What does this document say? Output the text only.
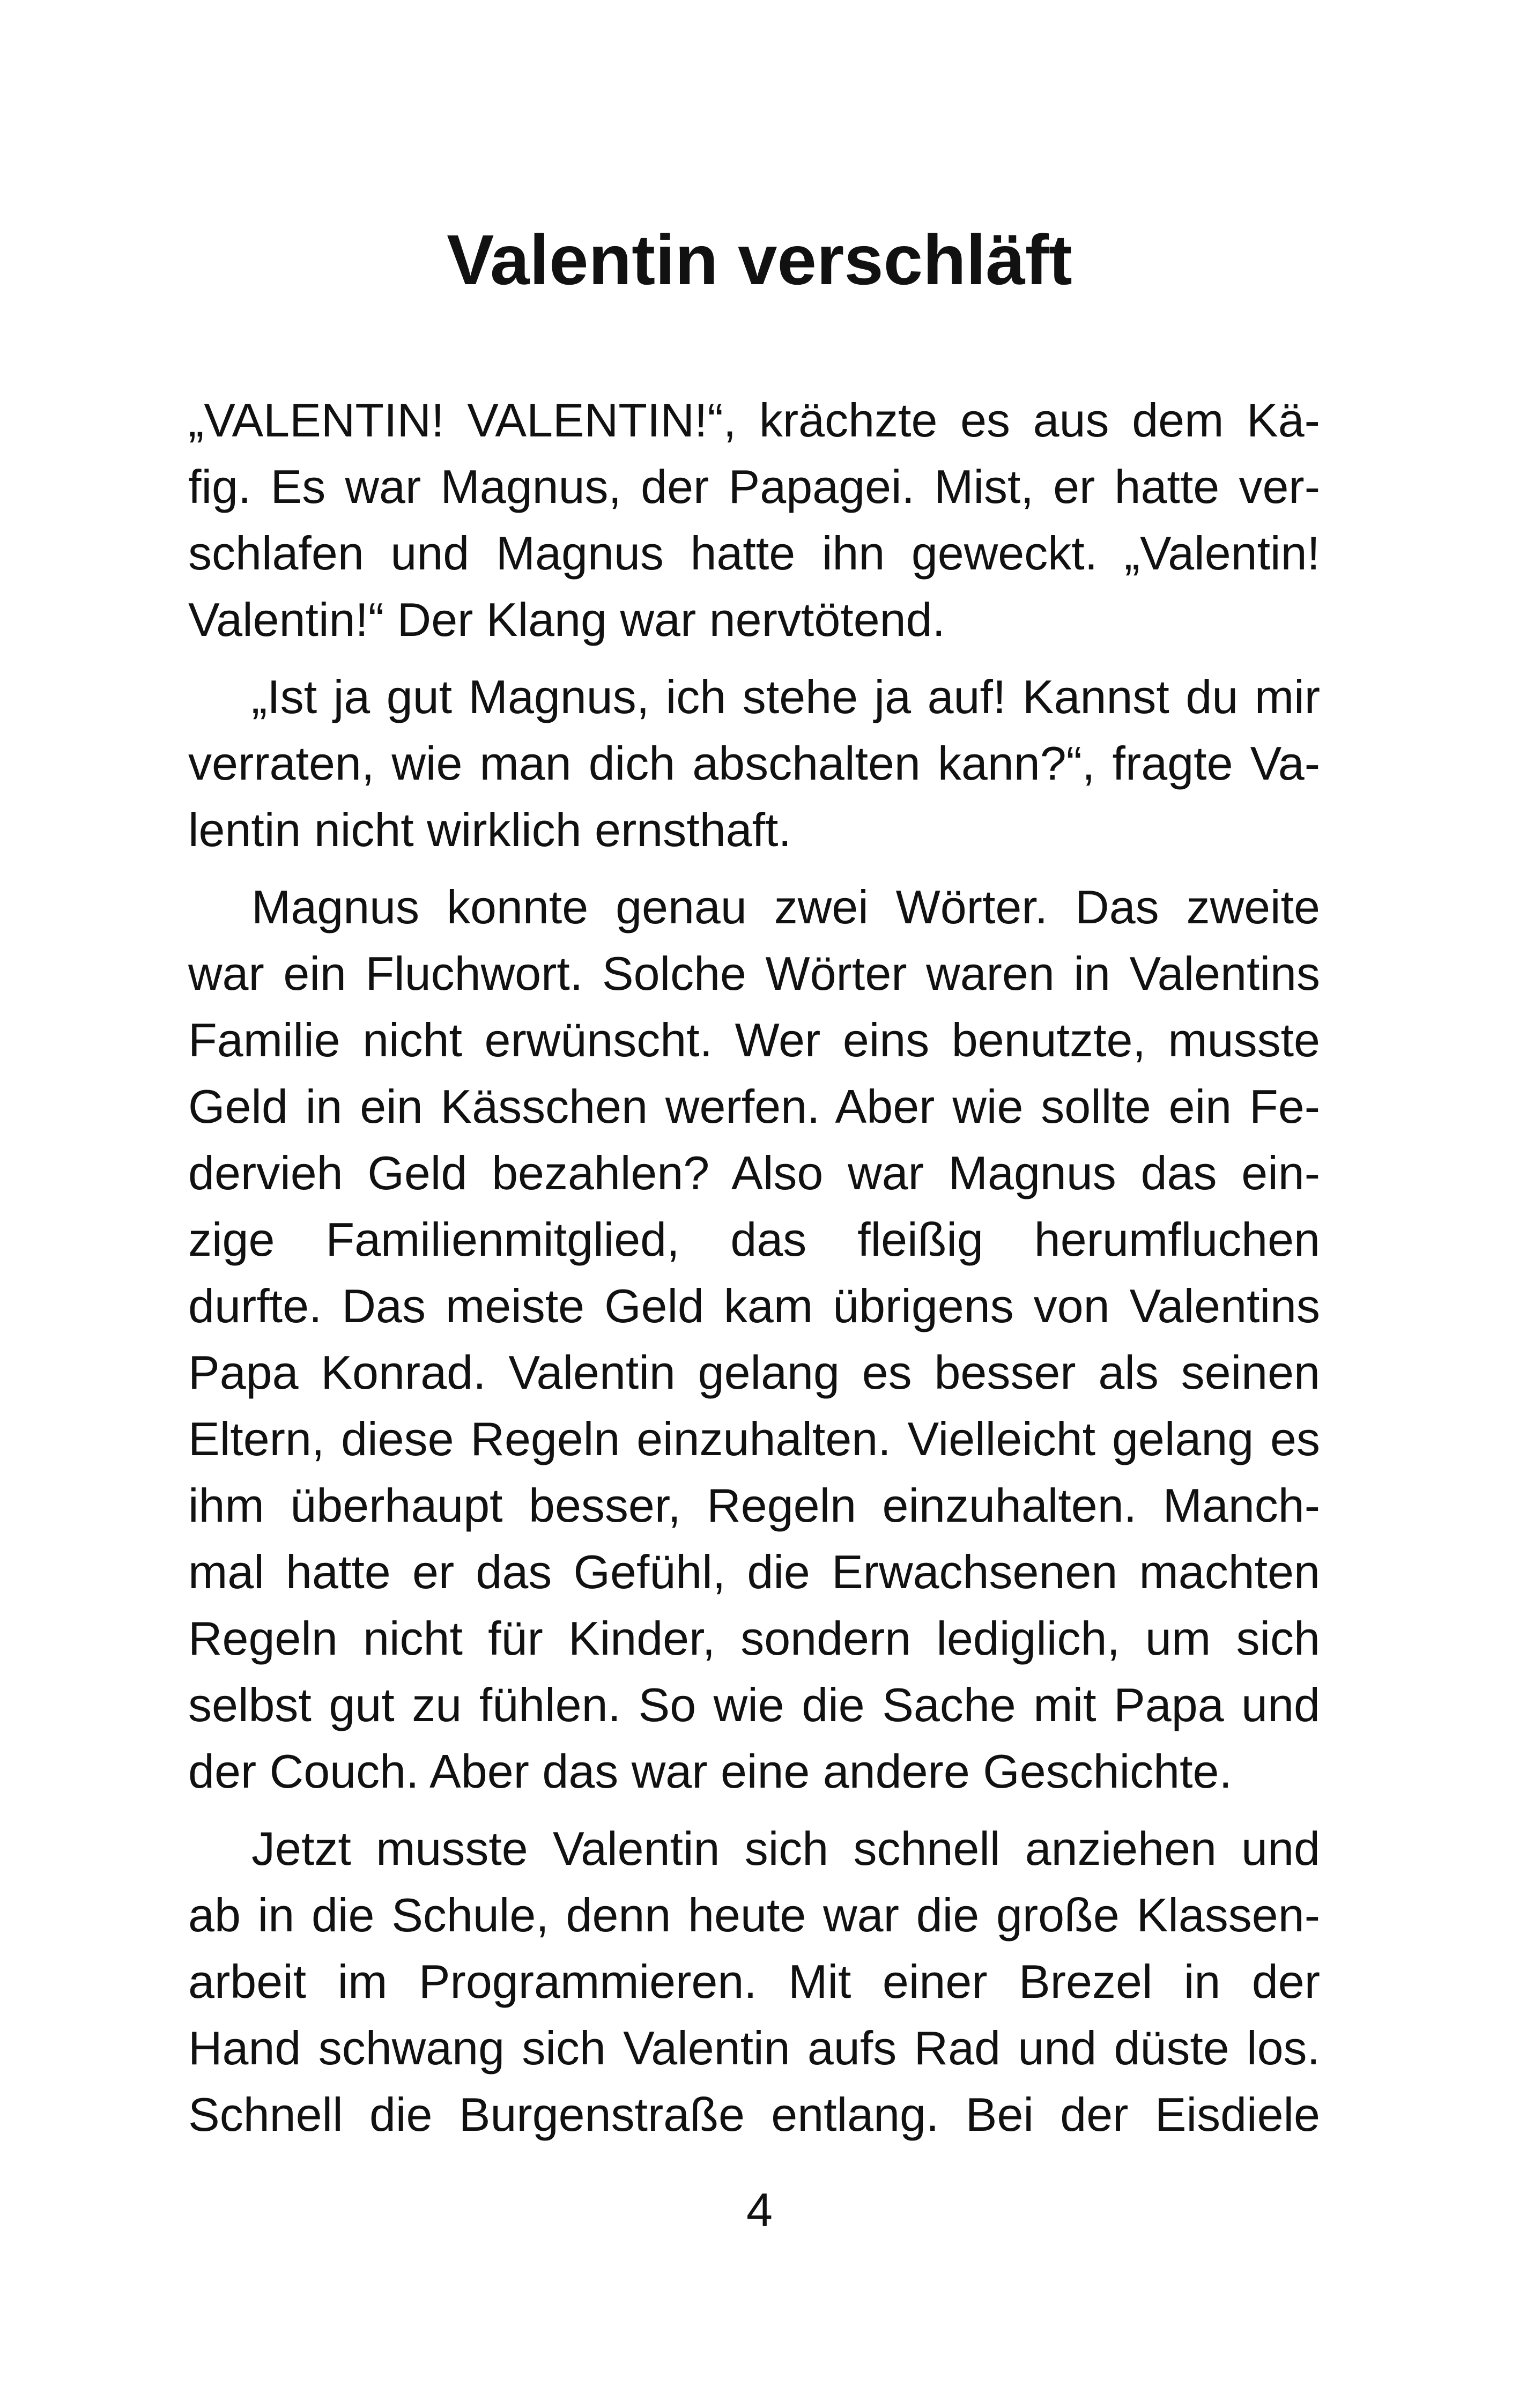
Valentin verschläft

„VALENTIN! VALENTIN!“, krächzte es aus dem Kä-
fig. Es war Magnus, der Papagei. Mist, er hatte ver-
schlafen und Magnus hatte ihn geweckt. „Valentin!
Valentin!“ Der Klang war nervtötend.

„Ist ja gut Magnus, ich stehe ja auf! Kannst du mir
verraten, wie man dich abschalten kann?“, fragte Va-
lentin nicht wirklich ernsthaft.

Magnus konnte genau zwei Wörter. Das zweite
war ein Fluchwort. Solche Wörter waren in Valentins
Familie nicht erwünscht. Wer eins benutzte, musste
Geld in ein Kässchen werfen. Aber wie sollte ein Fe-
dervieh Geld bezahlen? Also war Magnus das ein-
zige Familienmitglied, das fleißig herumfluchen
durfte. Das meiste Geld kam übrigens von Valentins
Papa Konrad. Valentin gelang es besser als seinen
Eltern, diese Regeln einzuhalten. Vielleicht gelang es
ihm überhaupt besser, Regeln einzuhalten. Manch-
mal hatte er das Gefühl, die Erwachsenen machten
Regeln nicht für Kinder, sondern lediglich, um sich
selbst gut zu fühlen. So wie die Sache mit Papa und
der Couch. Aber das war eine andere Geschichte.

Jetzt musste Valentin sich schnell anziehen und
ab in die Schule, denn heute war die große Klassen-
arbeit im Programmieren. Mit einer Brezel in der
Hand schwang sich Valentin aufs Rad und düste los.
Schnell die Burgenstraße entlang. Bei der Eisdiele

4
